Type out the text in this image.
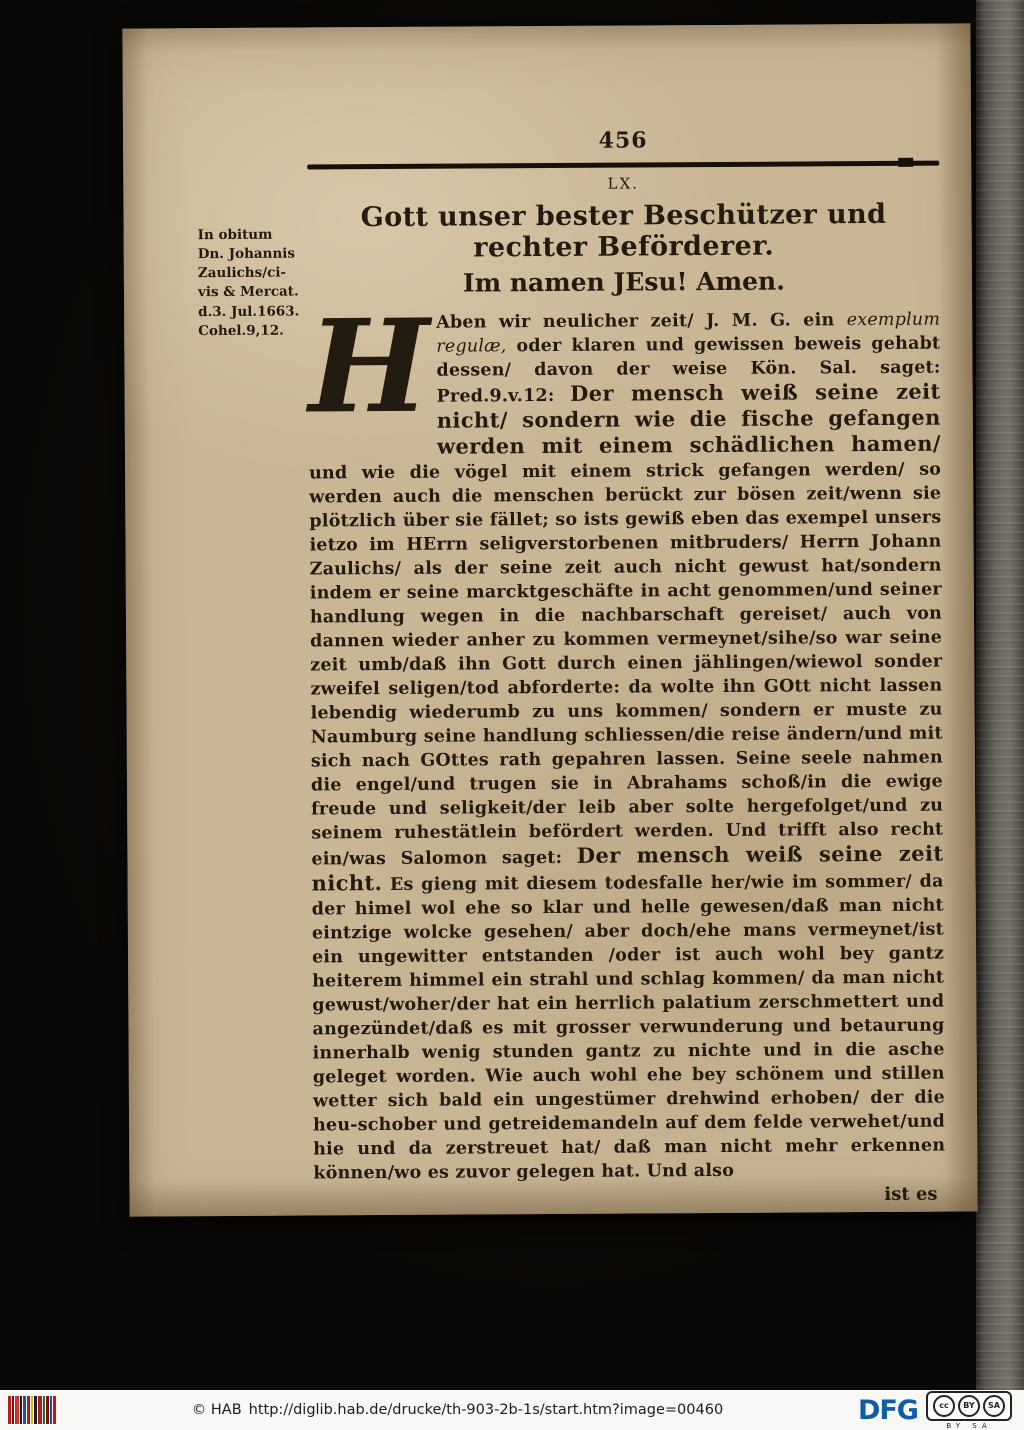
In obitum
Dn. Johannis
Zaulichs/ci-
vis & Mercat.
d.3. Jul.1663.
Cohel.9,12.
456
LX.
Gott unser bester Beschützer und rechter Beförderer.
Im namen JEsu! Amen.
H Aben wir neulicher zeit/ J. M. G. ein exemplum regulæ, oder klaren und gewissen beweis gehabt dessen/ davon der weise Kön. Sal. saget: Pred.9.v.12: Der mensch weiß seine zeit nicht/ sondern wie die fische gefangen werden mit einem schädlichen hamen/ und wie die vögel mit einem strick gefangen werden/ so werden auch die menschen berückt zur bösen zeit/wenn sie plötzlich über sie fället; so ists gewiß eben das exempel unsers ietzo im HErrn seligverstorbenen mitbruders/ Herrn Johann Zaulichs/ als der seine zeit auch nicht gewust hat/sondern indem er seine marcktgeschäfte in acht genommen/und seiner handlung wegen in die nachbarschaft gereiset/ auch von dannen wieder anher zu kommen vermeynet/sihe/so war seine zeit umb/daß ihn Gott durch einen jählingen/wiewol sonder zweifel seligen/tod abforderte: da wolte ihn GOtt nicht lassen lebendig wiederumb zu uns kommen/ sondern er muste zu Naumburg seine handlung schliessen/die reise ändern/und mit sich nach GOttes rath gepahren lassen. Seine seele nahmen die engel/und trugen sie in Abrahams schoß/in die ewige freude und seligkeit/der leib aber solte hergefolget/und zu seinem ruhestätlein befördert werden. Und trifft also recht ein/was Salomon saget: Der mensch weiß seine zeit nicht. Es gieng mit diesem todesfalle her/wie im sommer/ da der himel wol ehe so klar und helle gewesen/daß man nicht eintzige wolcke gesehen/ aber doch/ehe mans vermeynet/ist ein ungewitter entstanden /oder ist auch wohl bey gantz heiterem himmel ein strahl und schlag kommen/ da man nicht gewust/woher/der hat ein herrlich palatium zerschmettert und angezündet/daß es mit grosser verwunderung und betaurung innerhalb wenig stunden gantz zu nichte und in die asche geleget worden. Wie auch wohl ehe bey schönem und stillen wetter sich bald ein ungestümer drehwind erhoben/ der die heu-schober und getreidemandeln auf dem felde verwehet/und hie und da zerstreuet hat/ daß man nicht mehr erkennen können/wo es zuvor gelegen hat. Und also
ist es
© HAB http://diglib.hab.de/drucke/th-903-2b-1s/start.htm?image=00460	DFG	cc	BY	SA
BY SA
